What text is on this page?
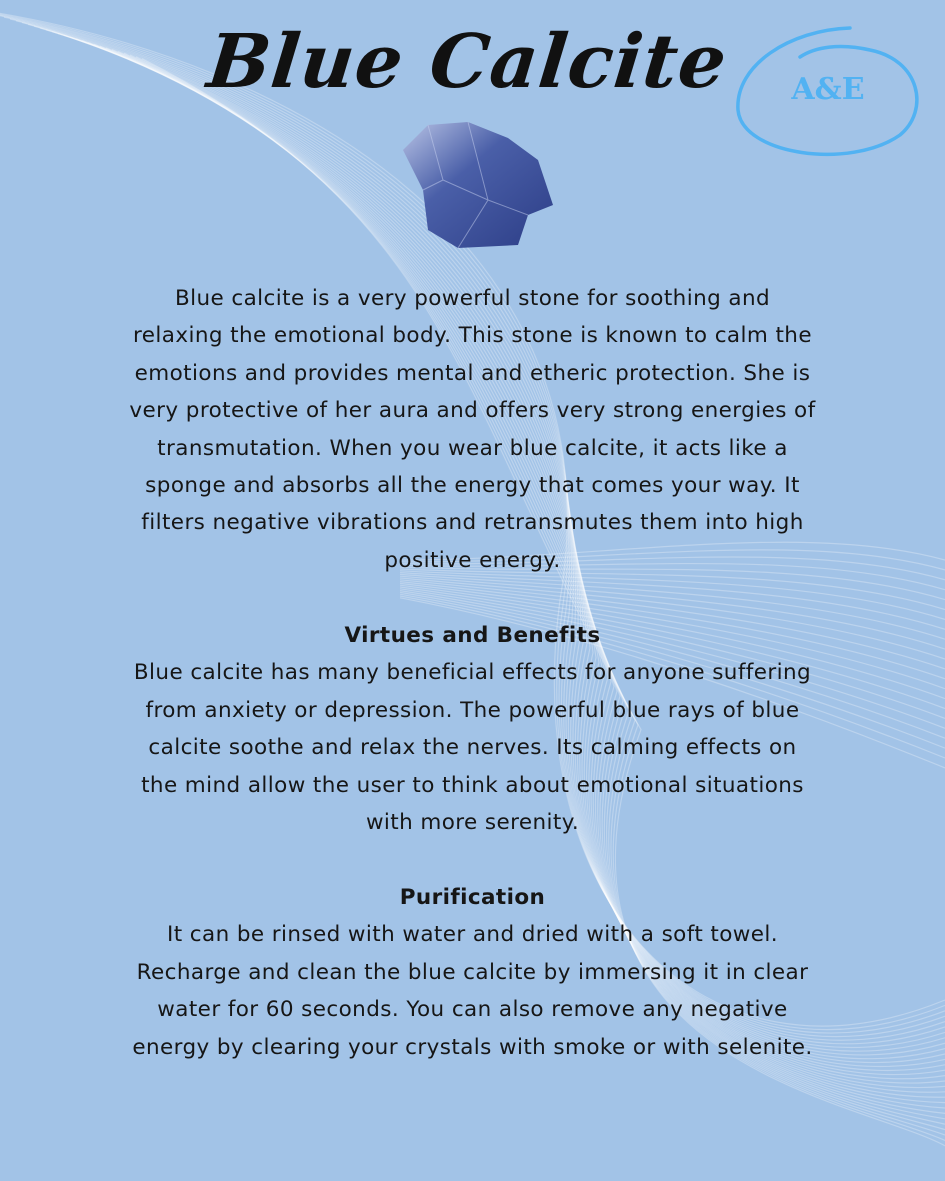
Blue Calcite	A&E
Blue calcite is a very powerful stone for soothing and
relaxing the emotional body. This stone is known to calm the
emotions and provides mental and etheric protection. She is
very protective of her aura and offers very strong energies of
transmutation. When you wear blue calcite, it acts like a
sponge and absorbs all the energy that comes your way. It
filters negative vibrations and retransmutes them into high
positive energy.
Virtues and Benefits
Blue calcite has many beneficial effects for anyone suffering
from anxiety or depression. The powerful blue rays of blue
calcite soothe and relax the nerves. Its calming effects on
the mind allow the user to think about emotional situations
with more serenity.
Purification
It can be rinsed with water and dried with a soft towel.
Recharge and clean the blue calcite by immersing it in clear
water for 60 seconds. You can also remove any negative
energy by clearing your crystals with smoke or with selenite.
